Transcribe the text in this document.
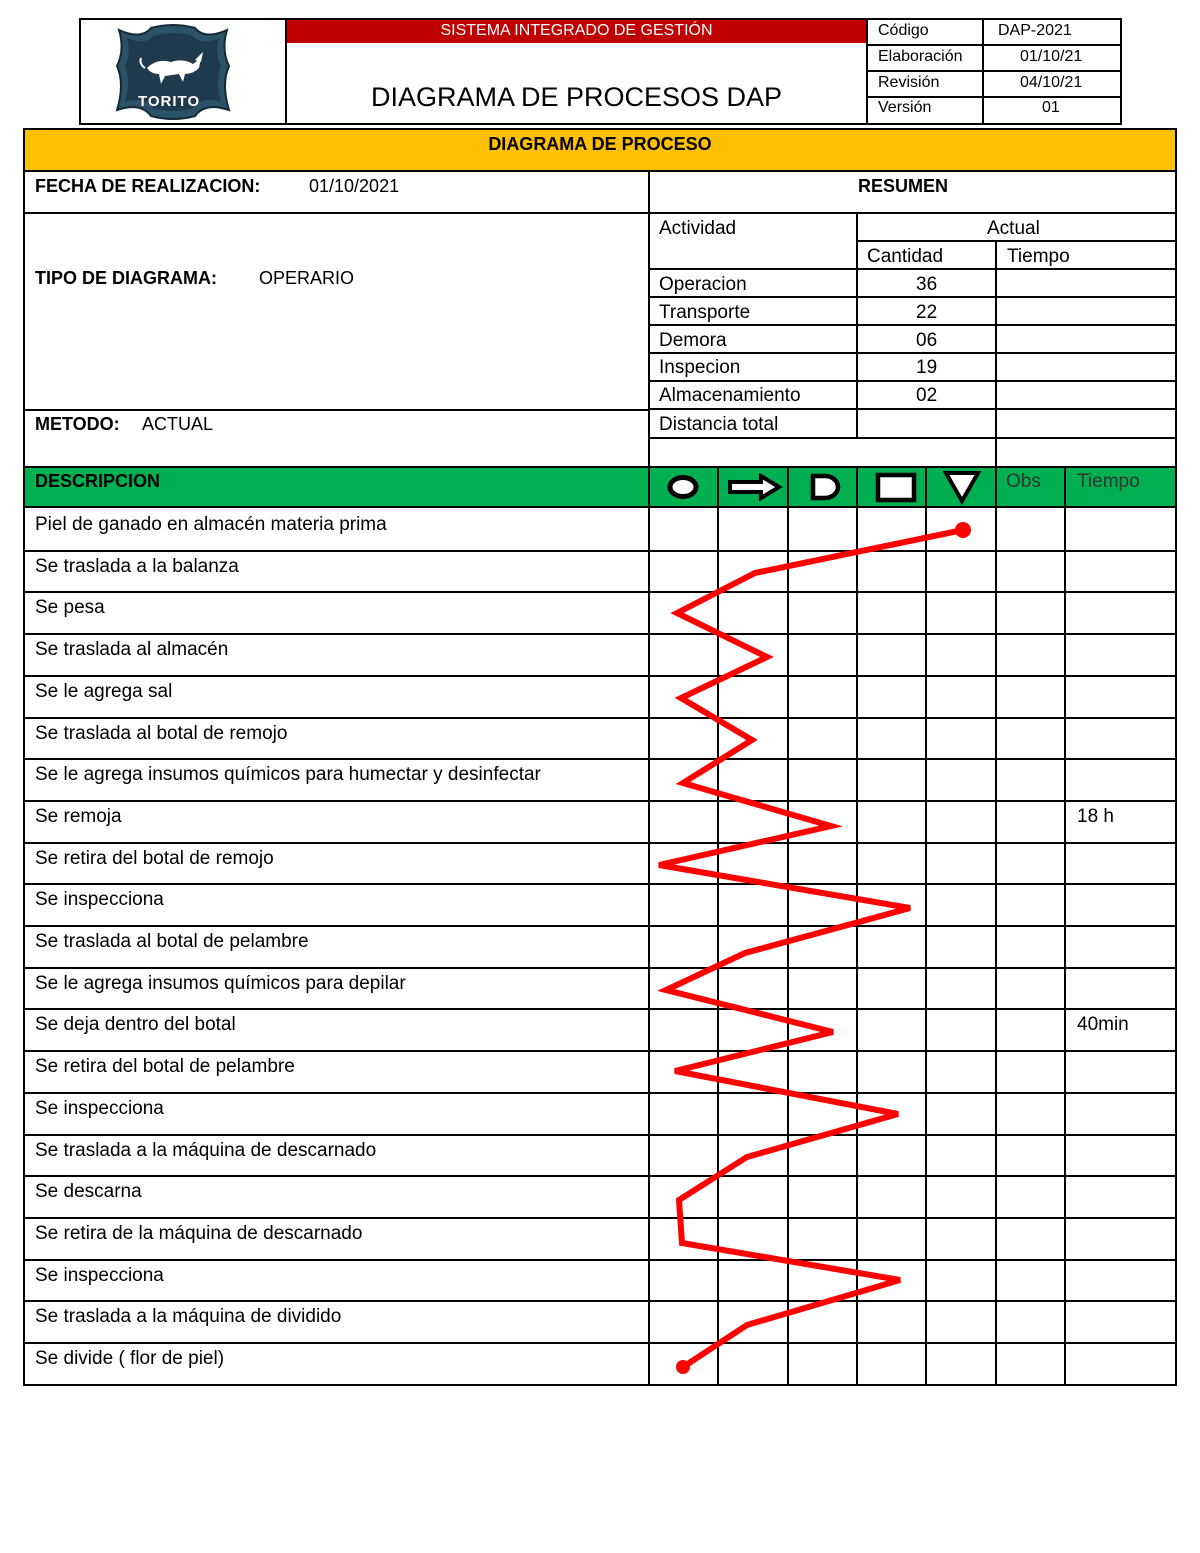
TORITO
SISTEMA INTEGRADO DE GESTIÓN
DIAGRAMA DE PROCESOS DAP
Código	DAP-2021
Elaboración	01/10/21
Revisión	04/10/21
Versión	01
DIAGRAMA DE PROCESO
FECHA DE REALIZACION:	01/10/2021
TIPO DE DIAGRAMA: OPERARIO
METODO: ACTUAL
RESUMEN
Actividad	Actual
Cantidad	Tiempo
Operacion	36
Transporte	22
Demora	06
Inspecion	19
Almacenamiento	02
Distancia total
DESCRIPCION	Obs Tiempo
Piel de ganado en almacén materia prima
Se traslada a la balanza
Se pesa
Se traslada al almacén
Se le agrega sal
Se traslada al botal de remojo
Se le agrega insumos químicos para humectar y desinfectar
Se remoja	18 h
Se retira del botal de remojo
Se inspecciona
Se traslada al botal de pelambre
Se le agrega insumos químicos para depilar
Se deja dentro del botal	40min
Se retira del botal de pelambre
Se inspecciona
Se traslada a la máquina de descarnado
Se descarna
Se retira de la máquina de descarnado
Se inspecciona
Se traslada a la máquina de dividido
Se divide ( flor de piel)
